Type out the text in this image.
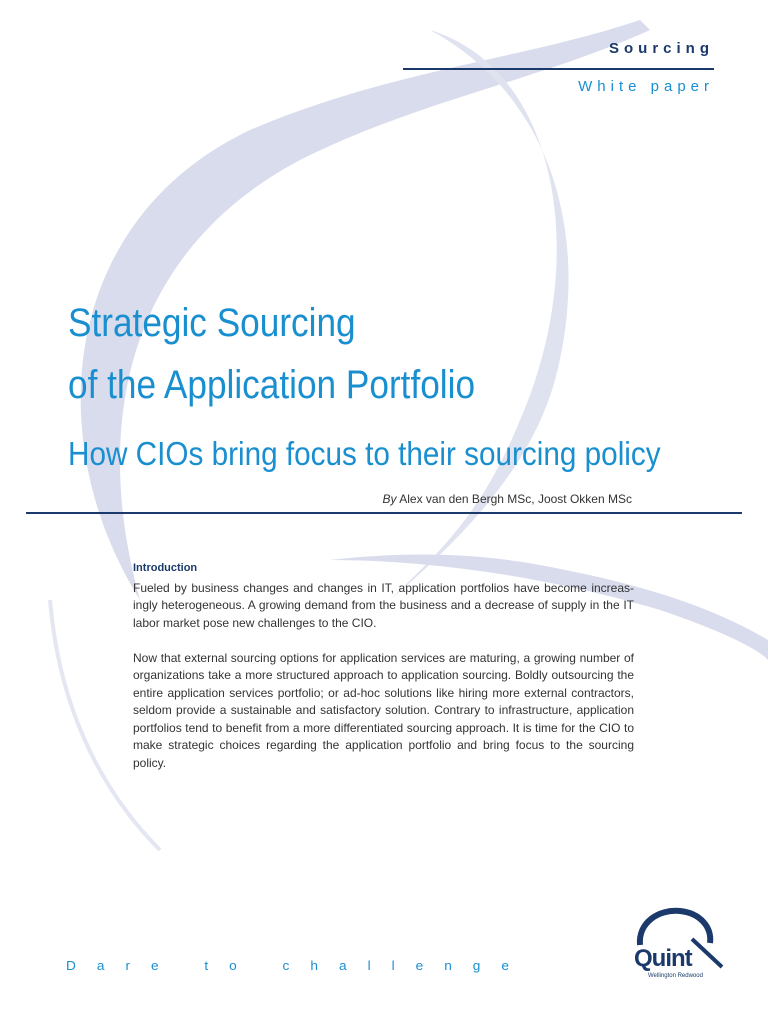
Sourcing
White paper
Strategic Sourcing
of the Application Portfolio
How CIOs bring focus to their sourcing policy
By Alex van den Bergh MSc, Joost Okken MSc
Introduction

Fueled by business changes and changes in IT, application portfolios have become increas-ingly heterogeneous. A growing demand from the business and a decrease of supply in the IT labor market pose new challenges to the CIO.

Now that external sourcing options for application services are maturing, a growing number of organizations take a more structured approach to application sourcing. Boldly outsourcing the entire application services portfolio; or ad-hoc solutions like hiring more external contractors, seldom provide a sustainable and satisfactory solution. Contrary to infrastructure, application portfolios tend to benefit from a more differentiated sourcing approach. It is time for the CIO to make strategic choices regarding the application portfolio and bring focus to the sourcing policy.

Dare to challenge	Quint
Wellington Redwood
